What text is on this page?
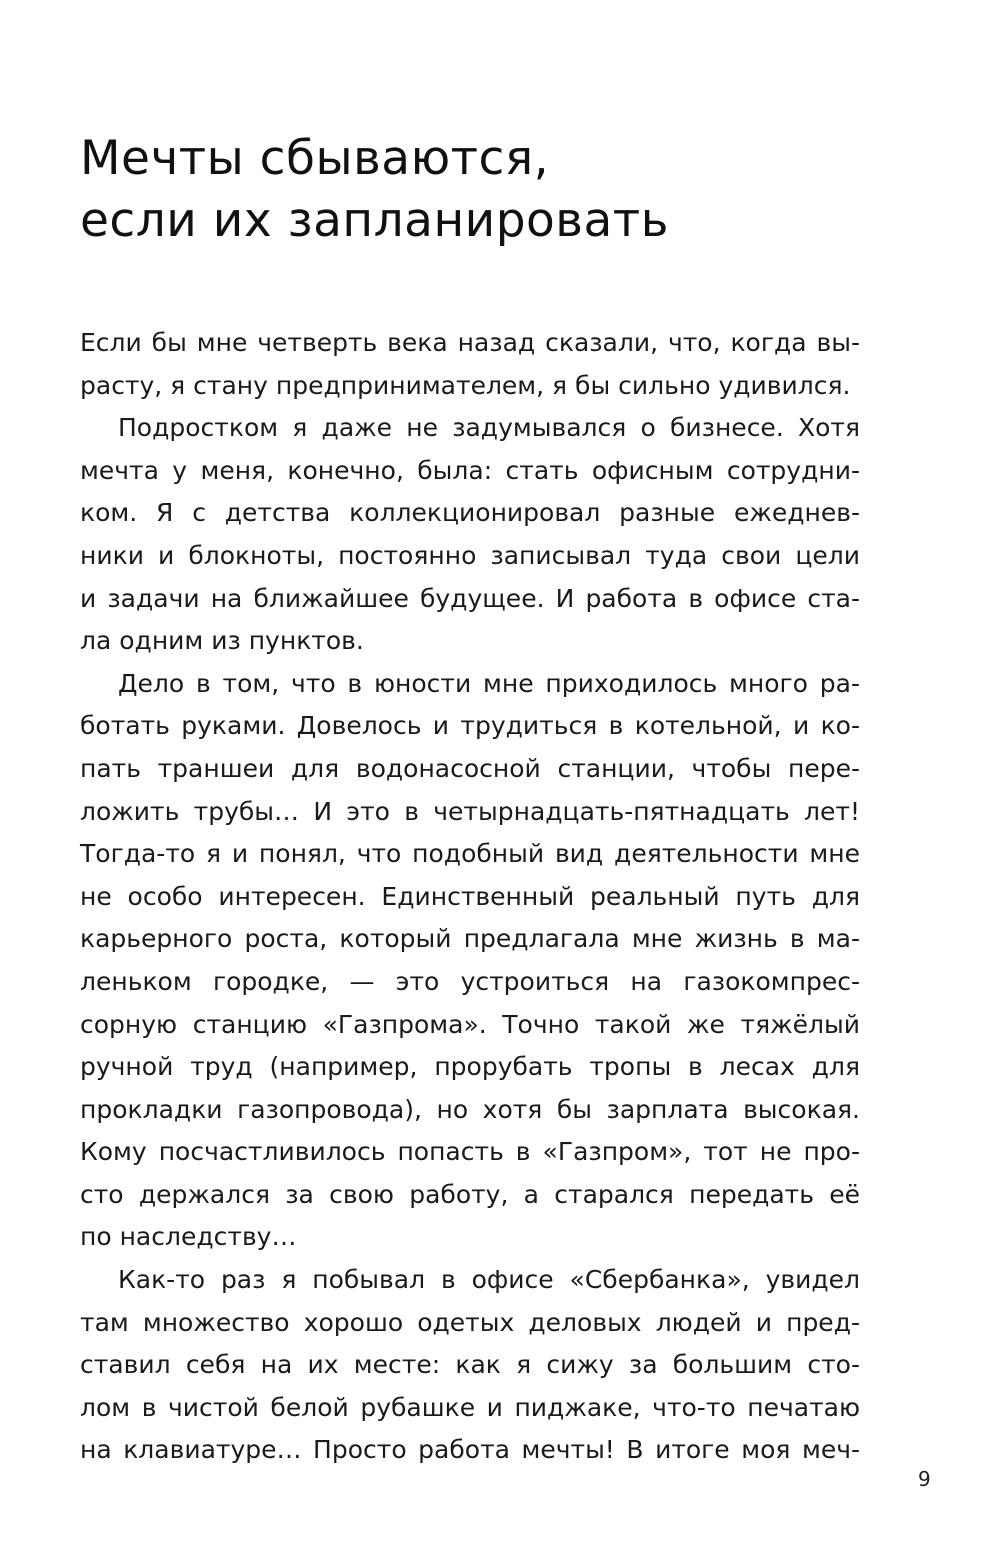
Мечты сбываются,
если их запланировать
Если бы мне четверть века назад сказали, что, когда вы-
расту, я стану предпринимателем, я бы сильно удивился.
Подростком я даже не задумывался о бизнесе. Хотя
мечта у меня, конечно, была: стать офисным сотрудни-
ком. Я с детства коллекционировал разные ежеднев-
ники и блокноты, постоянно записывал туда свои цели
и задачи на ближайшее будущее. И работа в офисе ста-
ла одним из пунктов.
Дело в том, что в юности мне приходилось много ра-
ботать руками. Довелось и трудиться в котельной, и ко-
пать траншеи для водонасосной станции, чтобы пере-
ложить трубы… И это в четырнадцать-пятнадцать лет!
Тогда-то я и понял, что подобный вид деятельности мне
не особо интересен. Единственный реальный путь для
карьерного роста, который предлагала мне жизнь в ма-
леньком городке, — это устроиться на газокомпрес-
сорную станцию «Газпрома». Точно такой же тяжёлый
ручной труд (например, прорубать тропы в лесах для
прокладки газопровода), но хотя бы зарплата высокая.
Кому посчастливилось попасть в «Газпром», тот не про-
сто держался за свою работу, а старался передать её
по наследству…
Как-то раз я побывал в офисе «Сбербанка», увидел
там множество хорошо одетых деловых людей и пред-
ставил себя на их месте: как я сижу за большим сто-
лом в чистой белой рубашке и пиджаке, что-то печатаю
на клавиатуре… Просто работа мечты! В итоге моя меч-
9
